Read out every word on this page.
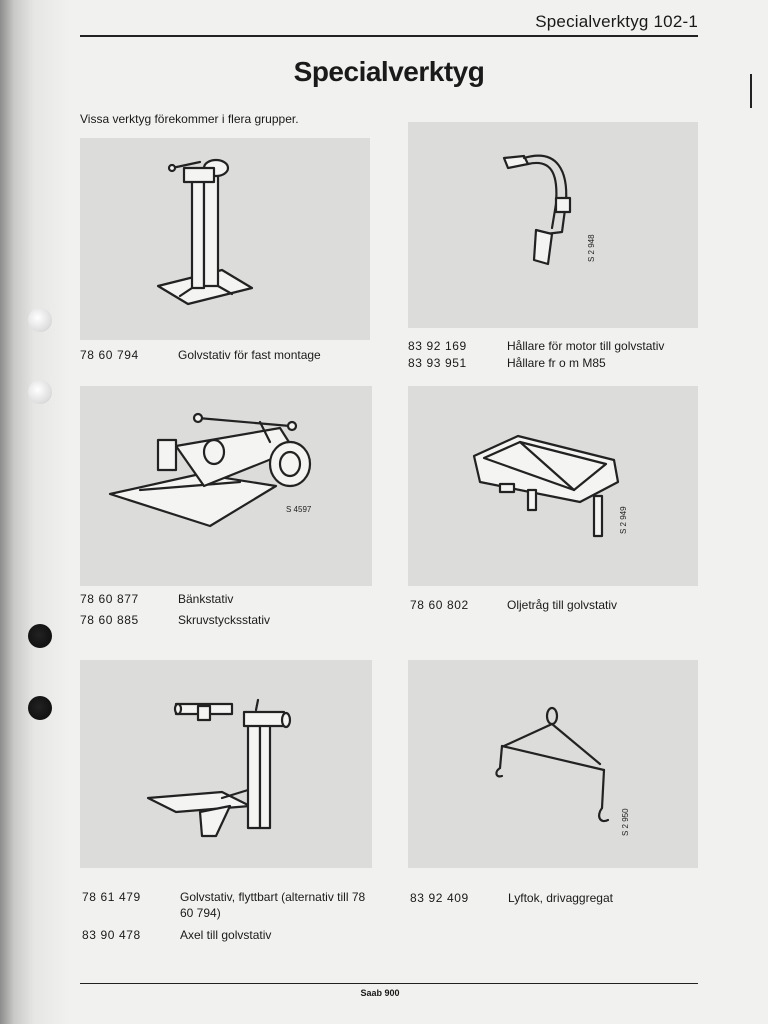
Specialverktyg 102-1
Specialverktyg
Vissa verktyg förekommer i flera grupper.
78 60 794	Golvstativ för fast montage
S 2 948
83 92 169	Hållare för motor till golvstativ
83 93 951	Hållare fr o m M85
S 4597
78 60 877	Bänkstativ
78 60 885	Skruvstycksstativ
S 2 949
78 60 802	Oljetråg till golvstativ
78 61 479	Golvstativ, flyttbart (alternativ till 78 60 794)
83 90 478	Axel till golvstativ
S 2 950
83 92 409	Lyftok, drivaggregat
Saab 900
